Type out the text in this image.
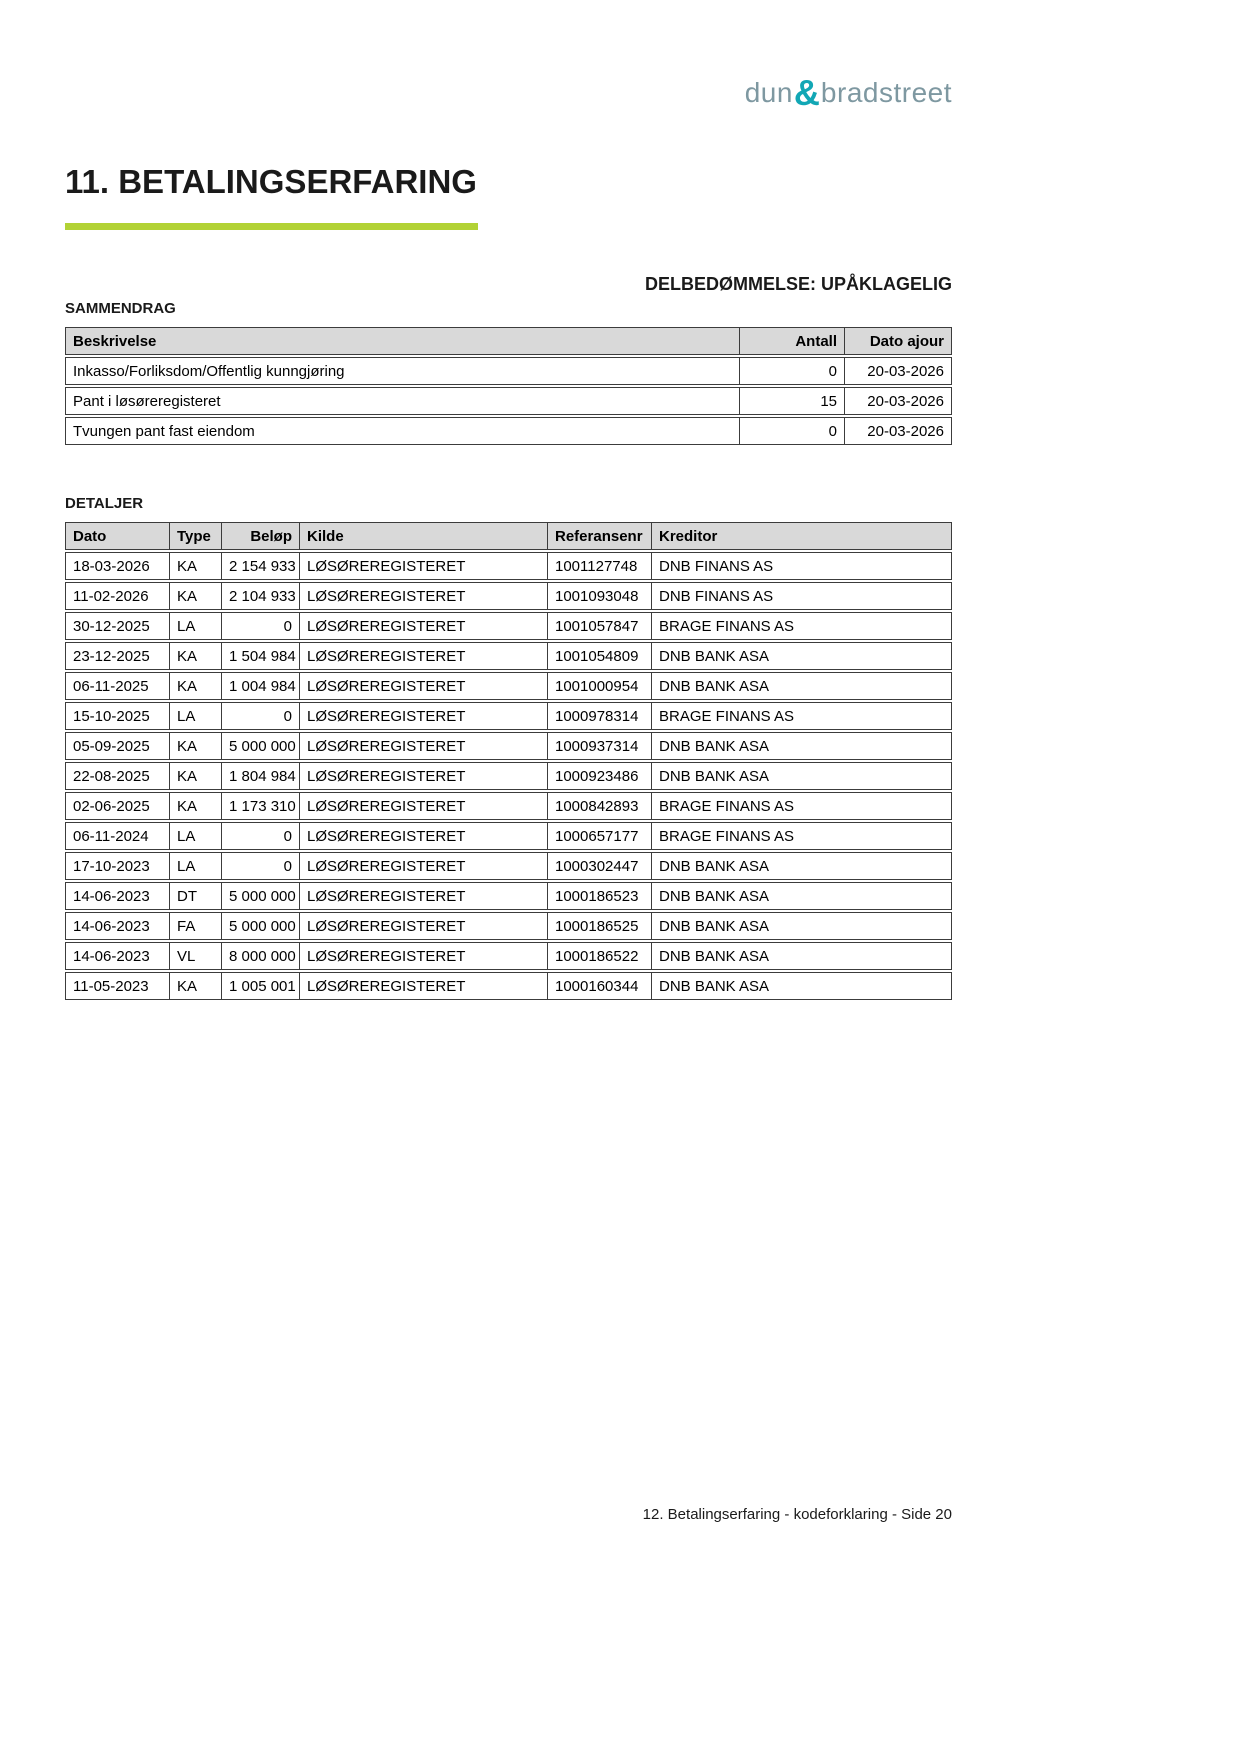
dun&bradstreet
11. BETALINGSERFARING
DELBEDØMMELSE: UPÅKLAGELIG
SAMMENDRAG
Beskrivelse	Antall	Dato ajour
Inkasso/Forliksdom/Offentlig kunngjøring	0	20-03-2026
Pant i løsøreregisteret	15	20-03-2026
Tvungen pant fast eiendom	0	20-03-2026
DETALJER
Dato	Type	Beløp	Kilde	Referansenr	Kreditor
18-03-2026	KA	2 154 933	LØSØREREGISTERET	1001127748	DNB FINANS AS
11-02-2026	KA	2 104 933	LØSØREREGISTERET	1001093048	DNB FINANS AS
30-12-2025	LA	0	LØSØREREGISTERET	1001057847	BRAGE FINANS AS
23-12-2025	KA	1 504 984	LØSØREREGISTERET	1001054809	DNB BANK ASA
06-11-2025	KA	1 004 984	LØSØREREGISTERET	1001000954	DNB BANK ASA
15-10-2025	LA	0	LØSØREREGISTERET	1000978314	BRAGE FINANS AS
05-09-2025	KA	5 000 000	LØSØREREGISTERET	1000937314	DNB BANK ASA
22-08-2025	KA	1 804 984	LØSØREREGISTERET	1000923486	DNB BANK ASA
02-06-2025	KA	1 173 310	LØSØREREGISTERET	1000842893	BRAGE FINANS AS
06-11-2024	LA	0	LØSØREREGISTERET	1000657177	BRAGE FINANS AS
17-10-2023	LA	0	LØSØREREGISTERET	1000302447	DNB BANK ASA
14-06-2023	DT	5 000 000	LØSØREREGISTERET	1000186523	DNB BANK ASA
14-06-2023	FA	5 000 000	LØSØREREGISTERET	1000186525	DNB BANK ASA
14-06-2023	VL	8 000 000	LØSØREREGISTERET	1000186522	DNB BANK ASA
11-05-2023	KA	1 005 001	LØSØREREGISTERET	1000160344	DNB BANK ASA
12. Betalingserfaring - kodeforklaring - Side 20
